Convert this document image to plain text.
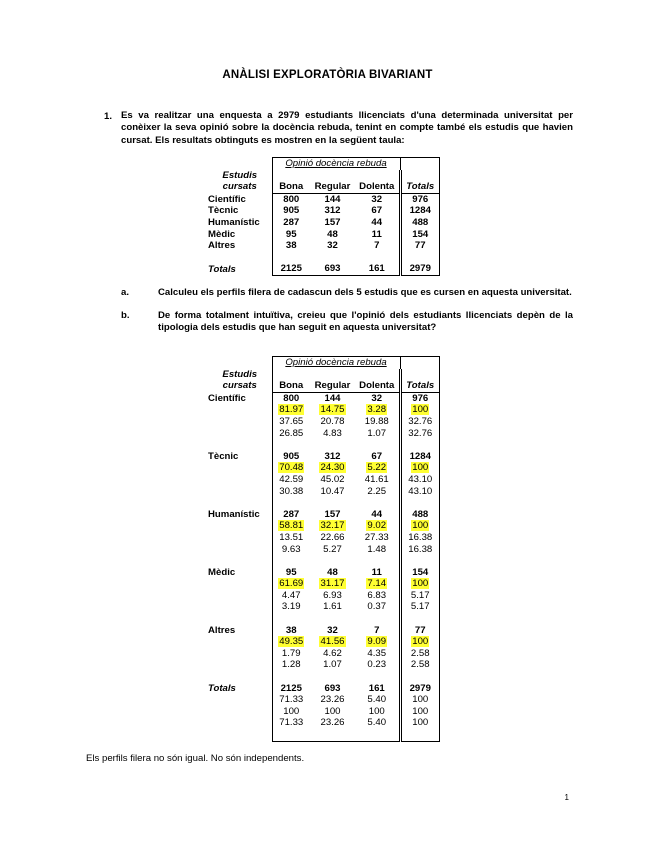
ANÀLISI EXPLORATÒRIA BIVARIANT
1. Es va realitzar una enquesta a 2979 estudiants llicenciats d'una determinada universitat per conèixer la seva opinió sobre la docència rebuda, tenint en compte també els estudis que havien cursat. Els resultats obtinguts es mostren en la següent taula:
	Opinió docència rebuda				
Estudis					
cursats	Bona	Regular	Dolenta		Totals
Científic	800	144	32		976
Tècnic	905	312	67		1284
Humanístic	287	157	44		488
Mèdic	95	48	11		154
Altres	38	32	7		77

Totals	2125	693	161		2979
a.	Calculeu els perfils filera de cadascun dels 5 estudis que es cursen en aquesta universitat.
b.	De forma totalment intuïtiva, creieu que l'opinió dels estudiants llicenciats depèn de la tipologia dels estudis que han seguit en aquesta universitat?
	Opinió docència rebuda				
Estudis					
cursats	Bona	Regular	Dolenta		Totals
Científic	800	144	32		976
	81.97	14.75	3.28		100
	37.65	20.78	19.88		32.76
	26.85	4.83	1.07		32.76

Tècnic	905	312	67		1284
	70.48	24.30	5.22		100
	42.59	45.02	41.61		43.10
	30.38	10.47	2.25		43.10

Humanístic	287	157	44		488
	58.81	32.17	9.02		100
	13.51	22.66	27.33		16.38
	9.63	5.27	1.48		16.38

Mèdic	95	48	11		154
	61.69	31.17	7.14		100
	4.47	6.93	6.83		5.17
	3.19	1.61	0.37		5.17

Altres	38	32	7		77
	49.35	41.56	9.09		100
	1.79	4.62	4.35		2.58
	1.28	1.07	0.23		2.58

Totals	2125	693	161		2979
	71.33	23.26	5.40		100
	100	100	100		100
	71.33	23.26	5.40		100

Els perfils filera no són igual. No són independents.
1
